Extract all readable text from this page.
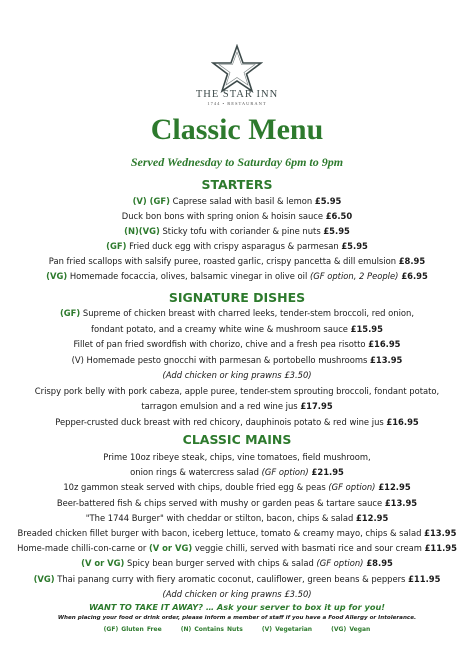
THE STAR INN
1744 • RESTAURANT
Classic Menu
Served Wednesday to Saturday 6pm to 9pm
STARTERS
(V) (GF) Caprese salad with basil & lemon £5.95
Duck bon bons with spring onion & hoisin sauce £6.50
(N)(VG) Sticky tofu with coriander & pine nuts £5.95
(GF) Fried duck egg with crispy asparagus & parmesan £5.95
Pan fried scallops with salsify puree, roasted garlic, crispy pancetta & dill emulsion £8.95
(VG) Homemade focaccia, olives, balsamic vinegar in olive oil (GF option, 2 People) £6.95
SIGNATURE DISHES
(GF) Supreme of chicken breast with charred leeks, tender-stem broccoli, red onion,
fondant potato, and a creamy white wine & mushroom sauce £15.95
Fillet of pan fried swordfish with chorizo, chive and a fresh pea risotto £16.95
(V) Homemade pesto gnocchi with parmesan & portobello mushrooms £13.95
(Add chicken or king prawns £3.50)
Crispy pork belly with pork cabeza, apple puree, tender-stem sprouting broccoli, fondant potato,
tarragon emulsion and a red wine jus £17.95
Pepper-crusted duck breast with red chicory, dauphinois potato & red wine jus £16.95
CLASSIC MAINS
Prime 10oz ribeye steak, chips, vine tomatoes, field mushroom,
onion rings & watercress salad (GF option) £21.95
10z gammon steak served with chips, double fried egg & peas (GF option) £12.95
Beer-battered fish & chips served with mushy or garden peas & tartare sauce £13.95
"The 1744 Burger" with cheddar or stilton, bacon, chips & salad £12.95
Breaded chicken fillet burger with bacon, iceberg lettuce, tomato & creamy mayo, chips & salad £13.95
Home-made chilli-con-carne or (V or VG) veggie chilli, served with basmati rice and sour cream £11.95
(V or VG) Spicy bean burger served with chips & salad (GF option) £8.95
(VG) Thai panang curry with fiery aromatic coconut, cauliflower, green beans & peppers £11.95
(Add chicken or king prawns £3.50)
WANT TO TAKE IT AWAY? … Ask your server to box it up for you!
When placing your food or drink order, please inform a member of staff if you have a Food Allergy or Intolerance.
(GF) Gluten Free	(N) Contains Nuts	(V) Vegetarian	(VG) Vegan
